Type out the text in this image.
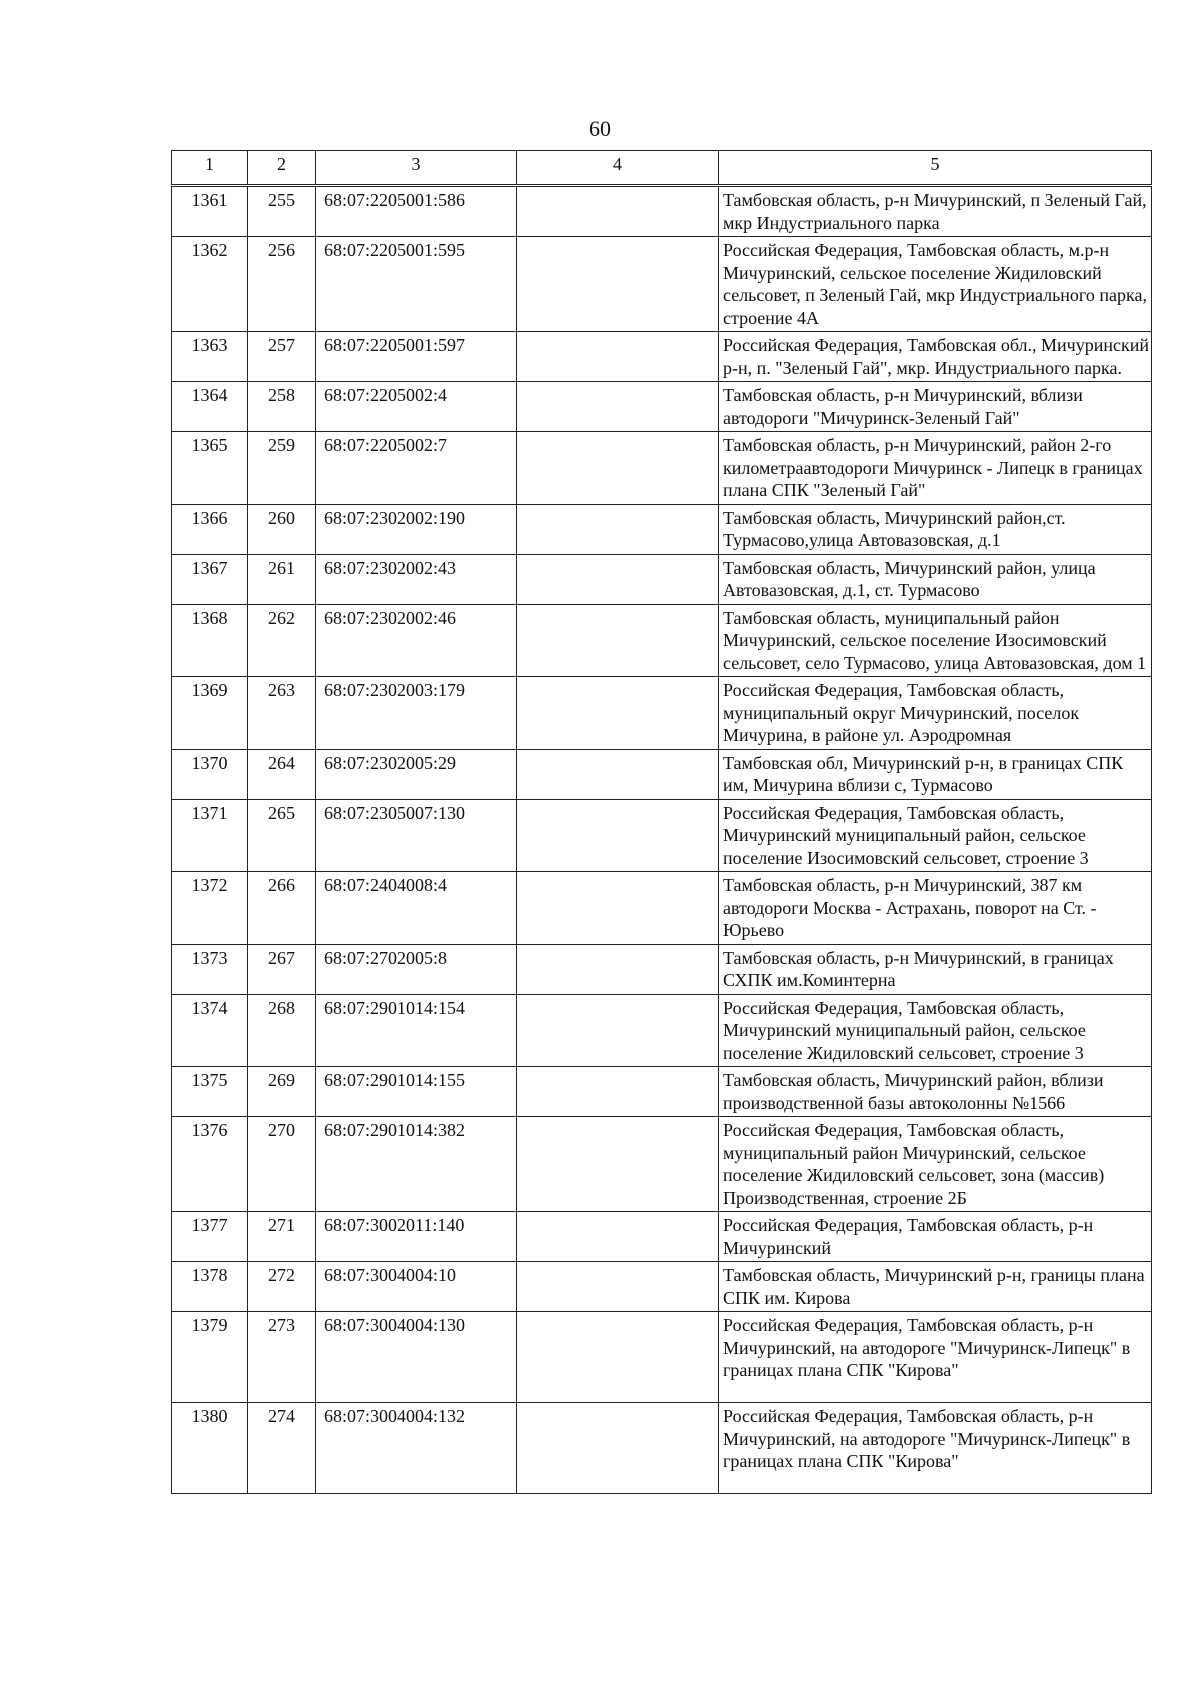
60
1	2	3	4	5
1361	255	68:07:2205001:586		Тамбовская область, р-н Мичуринский, п Зеленый Гай, мкр Индустриального парка
1362	256	68:07:2205001:595		Российская Федерация, Тамбовская область, м.р-н Мичуринский, сельское поселение Жидиловский сельсовет, п Зеленый Гай, мкр Индустриального парка, строение 4А
1363	257	68:07:2205001:597		Российская Федерация, Тамбовская обл., Мичуринский р-н, п. "Зеленый Гай", мкр. Индустриального парка.
1364	258	68:07:2205002:4		Тамбовская область, р-н Мичуринский, вблизи автодороги "Мичуринск-Зеленый Гай"
1365	259	68:07:2205002:7		Тамбовская область, р-н Мичуринский, район 2-го километраавтодороги Мичуринск - Липецк в границах плана СПК "Зеленый Гай"
1366	260	68:07:2302002:190		Тамбовская область, Мичуринский район,ст. Турмасово,улица Автовазовская, д.1
1367	261	68:07:2302002:43		Тамбовская область, Мичуринский район, улица Автовазовская, д.1, ст. Турмасово
1368	262	68:07:2302002:46		Тамбовская область, муниципальный район Мичуринский, сельское поселение Изосимовский сельсовет, село Турмасово, улица Автовазовская, дом 1
1369	263	68:07:2302003:179		Российская Федерация, Тамбовская область, муниципальный округ Мичуринский, поселок Мичурина, в районе ул. Аэродромная
1370	264	68:07:2302005:29		Тамбовская обл, Мичуринский р-н, в границах СПК им, Мичурина вблизи с, Турмасово
1371	265	68:07:2305007:130		Российская Федерация, Тамбовская область, Мичуринский муниципальный район, сельское поселение Изосимовский сельсовет, строение 3
1372	266	68:07:2404008:4		Тамбовская область, р-н Мичуринский, 387 км автодороги Москва - Астрахань, поворот на Ст. - Юрьево
1373	267	68:07:2702005:8		Тамбовская область, р-н Мичуринский, в границах СХПК им.Коминтерна
1374	268	68:07:2901014:154		Российская Федерация, Тамбовская область, Мичуринский муниципальный район, сельское поселение Жидиловский сельсовет, строение 3
1375	269	68:07:2901014:155		Тамбовская область, Мичуринский район, вблизи производственной базы автоколонны №1566
1376	270	68:07:2901014:382		Российская Федерация, Тамбовская область, муниципальный район Мичуринский, сельское поселение Жидиловский сельсовет, зона (массив) Производственная, строение 2Б
1377	271	68:07:3002011:140		Российская Федерация, Тамбовская область, р-н Мичуринский
1378	272	68:07:3004004:10		Тамбовская область, Мичуринский р-н, границы плана СПК им. Кирова
1379	273	68:07:3004004:130		Российская Федерация, Тамбовская область, р-н Мичуринский, на автодороге "Мичуринск-Липецк" в границах плана СПК "Кирова"
1380	274	68:07:3004004:132		Российская Федерация, Тамбовская область, р-н Мичуринский, на автодороге "Мичуринск-Липецк" в границах плана СПК "Кирова"
